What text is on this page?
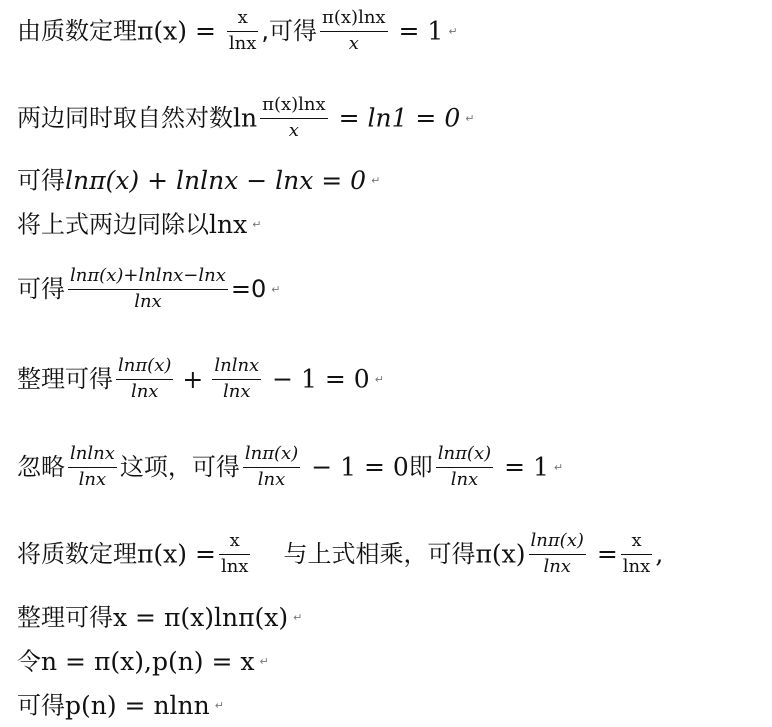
由质数定理$\pi(x) = \frac{x}{\ln x}$ ,可得 $\frac{\pi(x)\ln x}{x} = 1$ ↵
两边同时取自然对数$\ln \frac{\pi(x)\ln x}{x} = \ln 1 = 0$ ↵
可得lnπ(x) + lnlnx − lnx = 0 ↵
将上式两边同除以lnx ↵
可得 $\frac{\ln\pi(x)+lnlnx-\ln x}{\ln x} =0$ ↵
整理可得 $\frac{\ln\pi(x)}{\ln x} + \frac{lnlnx}{\ln x} - 1 = 0$ ↵
忽略 $\frac{lnlnx}{\ln x}$ 这项，可得 $\frac{\ln\pi(x)}{\ln x} - 1 = 0$即 $\frac{\ln\pi(x)}{\ln x} = 1$ ↵
将质数定理$\pi(x) = \frac{x}{\ln x}$ 与上式相乘，可得$\pi(x) \frac{\ln\pi(x)}{\ln x} = \frac{x}{\ln x}$ ,
整理可得x = π(x)lnπ(x) ↵
令n = π(x),p(n) = x ↵
可得p(n) = nlnn ↵
